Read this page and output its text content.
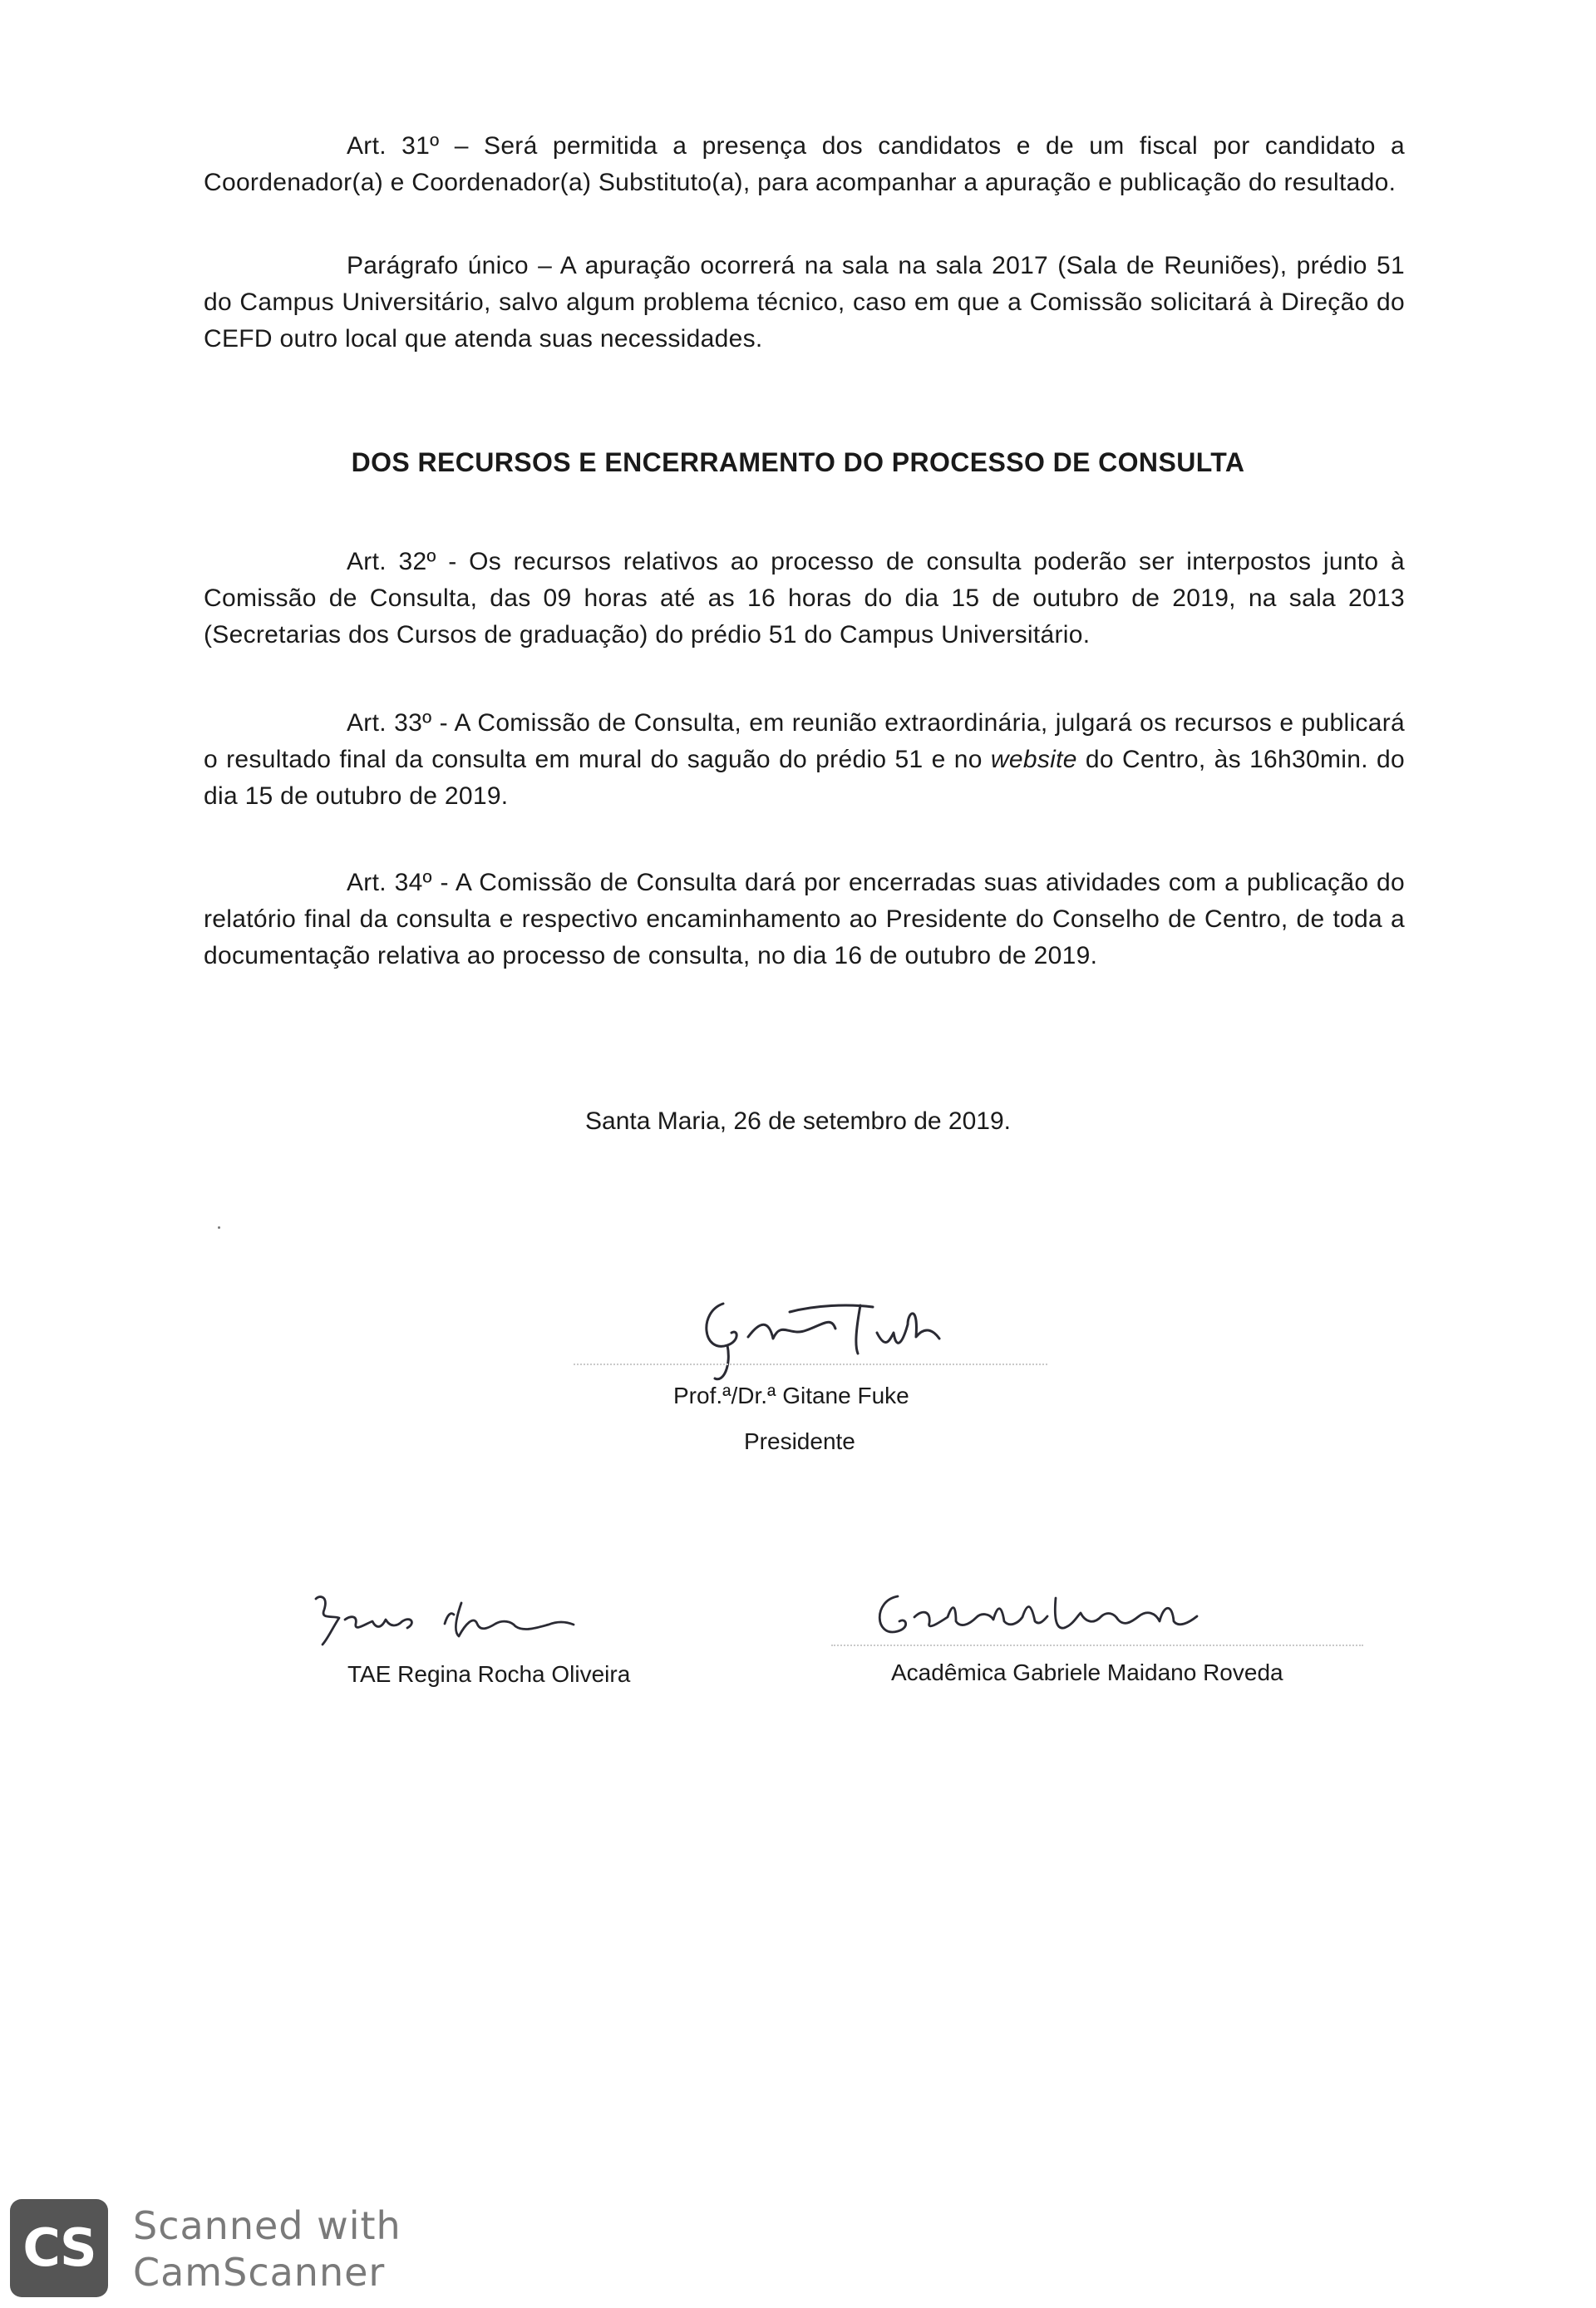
Art. 31º – Será permitida a presença dos candidatos e de um fiscal por candidato a Coordenador(a) e Coordenador(a) Substituto(a), para acompanhar a apuração e publicação do resultado.
Parágrafo único – A apuração ocorrerá na sala na sala 2017 (Sala de Reuniões), prédio 51 do Campus Universitário, salvo algum problema técnico, caso em que a Comissão solicitará à Direção do CEFD outro local que atenda suas necessidades.
DOS RECURSOS E ENCERRAMENTO DO PROCESSO DE CONSULTA
Art. 32º - Os recursos relativos ao processo de consulta poderão ser interpostos junto à Comissão de Consulta, das 09 horas até as 16 horas do dia 15 de outubro de 2019, na sala 2013 (Secretarias dos Cursos de graduação) do prédio 51 do Campus Universitário.
Art. 33º - A Comissão de Consulta, em reunião extraordinária, julgará os recursos e publicará o resultado final da consulta em mural do saguão do prédio 51 e no website do Centro, às 16h30min. do dia 15 de outubro de 2019.
Art. 34º - A Comissão de Consulta dará por encerradas suas atividades com a publicação do relatório final da consulta e respectivo encaminhamento ao Presidente do Conselho de Centro, de toda a documentação relativa ao processo de consulta, no dia 16 de outubro de 2019.
Santa Maria, 26 de setembro de 2019.
Prof.ª/Dr.ª Gitane Fuke
Presidente
TAE Regina Rocha Oliveira	Acadêmica Gabriele Maidano Roveda
CS Scanned with
CamScanner
